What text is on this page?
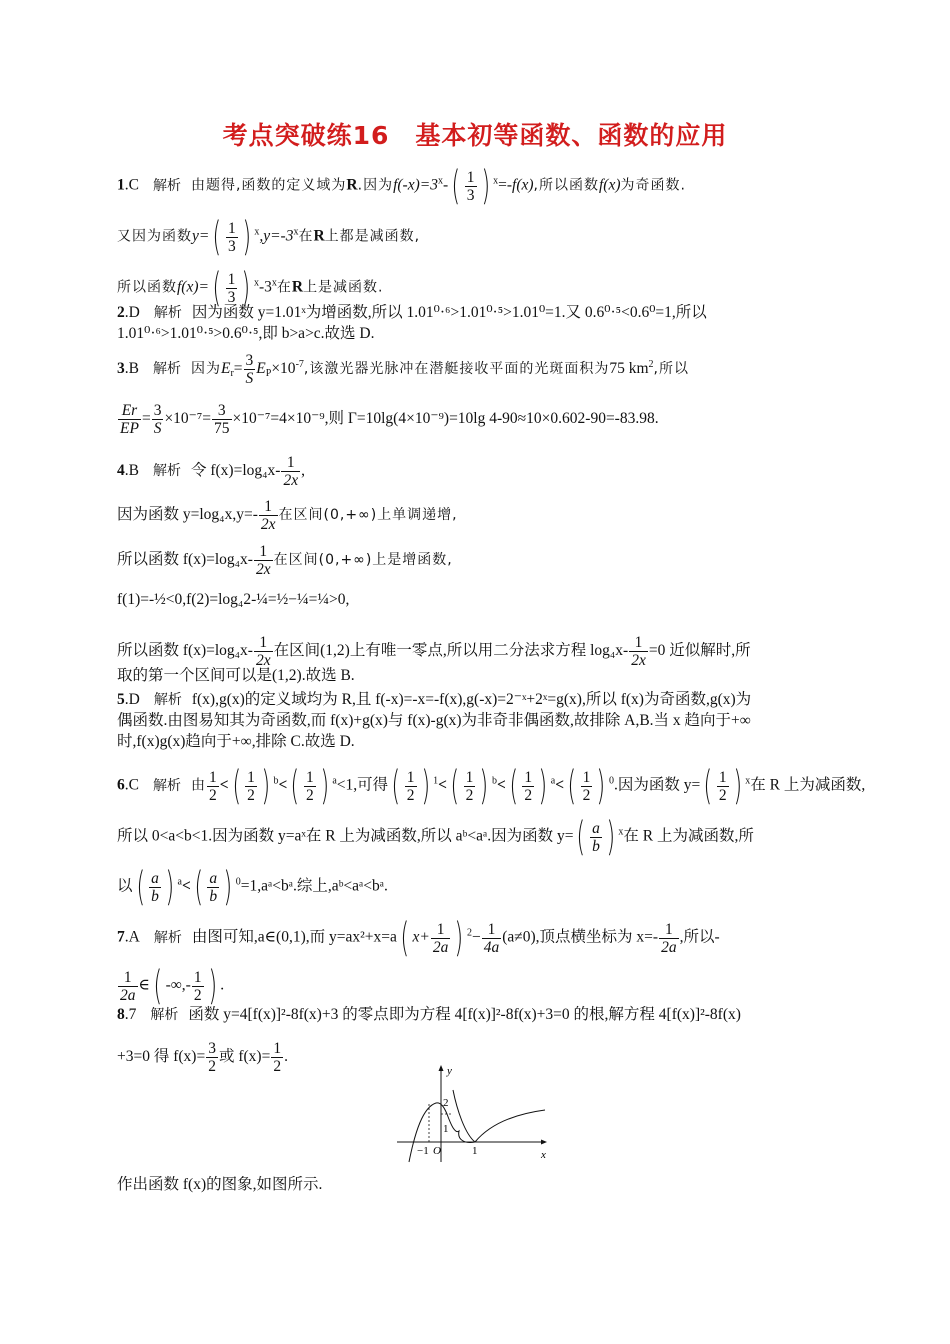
考点突破练16　基本初等函数、函数的应用
1.C 解析 由题得,函数的定义域为R.因为$f(-x)=3^x-( \frac{1}{3}$ ) $^x$=-f(x),所以函数f(x)为奇函数.
又因为函数$y=( \frac{1}{3}$ ) $^x,y=-3^x$在R上都是减函数,
所以函数$f(x)=( \frac{1}{3}$ ) $^x$-3$^x$在R上是减函数.
2.D 解析 因为函数 y=1.01ˣ为增函数,所以 1.01⁰·⁶>1.01⁰·⁵>1.01⁰=1.又 0.6⁰·⁵<0.6⁰=1,所以
1.01⁰·⁶>1.01⁰·⁵>0.6⁰·⁵,即 b>a>c.故选 D.
3.B 解析 因为$E_r= \frac{3}{S} E_P\times 10^{-7}$,该激光器光脉冲在潜艇接收平面的光斑面积为75 $km^2$,所以
$\frac{Er}{EP} = \frac{3}{S} \times 10^{-7}= \frac{3}{75} \times 10^{-7}=4\times 10^{-9}$,则 Γ=10lg(4×10⁻⁹)=10lg 4-90≈10×0.602-90=-83.98.
4.B 解析 令 $f(x)=\log_4x- \frac{1}{2x}$ ,
因为函数 $y=\log_4x,y=- \frac{1}{2x}$ 在区间(0,+∞)上单调递增,
所以函数 $f(x)=\log_4x- \frac{1}{2x}$ 在区间(0,+∞)上是增函数,
f(1)=-½<0,f(2)=log₄2-¼=½−¼=¼>0,
所以函数 $f(x)=\log_4x- \frac{1}{2x}$ 在区间(1,2)上有唯一零点,所以用二分法求方程 $\log_4x- \frac{1}{2x} =0$ 近似解时,所
取的第一个区间可以是(1,2).故选 B.
5.D 解析 f(x),g(x)的定义域均为 R,且 f(-x)=-x=-f(x),g(-x)=2⁻ˣ+2ˣ=g(x),所以 f(x)为奇函数,g(x)为
偶函数.由图易知其为奇函数,而 f(x)+g(x)与 f(x)-g(x)为非奇非偶函数,故排除 A,B.当 x 趋向于+∞
时,f(x)g(x)趋向于+∞,排除 C.故选 D.
6.C 解析 由 $\frac{1}{2}$ <( $\frac{1}{2}$ ) $^b<( \frac{1}{2}$ ) $^a$<1,可得( $\frac{1}{2}$ ) $^1<( \frac{1}{2}$ ) $^b<( \frac{1}{2}$ ) $^a<( \frac{1}{2}$ ) $^0$.因为函数 $y=( \frac{1}{2}$ ) $^x$在 R 上为减函数,
所以 0<a<b<1.因为函数 y=aˣ在 R 上为减函数,所以 aᵇ<aᵃ.因为函数 $y=( \frac{a}{b}$ ) $^x$在 R 上为减函数,所
以( $\frac{a}{b}$ ) $^a<( \frac{a}{b}$ ) $^0$=1,aᵃ<bᵃ.综上,aᵇ<aᵃ<bᵃ.
7.A 解析 由图可知,a∈(0,1),而 y=ax²+x=a( $x+ \frac{1}{2a}$ ) $^2- \frac{1}{4a} (a\ne 0)$,顶点横坐标为 $x=- \frac{1}{2a}$ ,所以-
$\frac{1}{2a}$ ∈( -∞,- $\frac{1}{2}$ ) .
8.7 解析 函数 y=4[f(x)]²-8f(x)+3 的零点即为方程 4[f(x)]²-8f(x)+3=0 的根,解方程 4[f(x)]²-8f(x)
+3=0 得 $f(x)= \frac{3}{2}$ 或 $f(x)= \frac{1}{2}$ .
y
x
2
1
−1 O	1
作出函数 f(x)的图象,如图所示.
